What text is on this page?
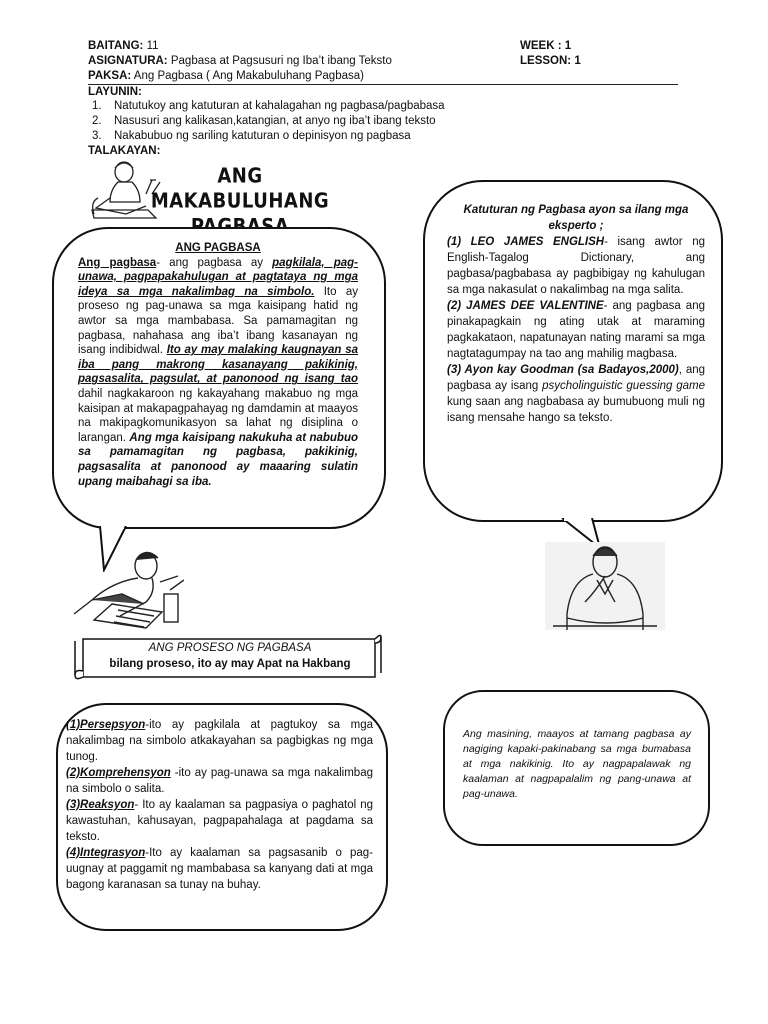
BAITANG: 11	WEEK : 1
ASIGNATURA: Pagbasa at Pagsusuri ng Iba’t ibang Teksto	LESSON: 1
PAKSA: Ang Pagbasa ( Ang Makabuluhang Pagbasa)
LAYUNIN:
1. Natutukoy ang katuturan at kahalagahan ng pagbasa/pagbabasa
2. Nasusuri ang kalikasan,katangian, at anyo ng iba’t ibang teksto
3. Nakabubuo ng sariling katuturan o depinisyon ng pagbasa
TALAKAYAN:
ANG MAKABULUHANG
ANG PAGBASA
Ang pagbasa- ang pagbasa ay pagkilala, pag-unawa, pagpapakahulugan at pagtataya ng mga ideya sa mga nakalimbag na simbolo. Ito ay proseso ng pag-unawa sa mga kaisipang hatid ng awtor sa mga mambabasa. Sa pamamagitan ng pagbasa, nahahasa ang iba’t ibang kasanayan ng isang indibidwal. Ito ay may malaking kaugnayan sa iba pang makrong kasanayang pakikinig, pagsasalita, pagsulat, at panonood ng isang tao dahil nagkakaroon ng kakayahang makabuo ng mga kaisipan at makapagpahayag ng damdamin at maayos na makipagkomunikasyon sa lahat ng disiplina o larangan. Ang mga kaisipang nakukuha at nabubuo sa pamamagitan ng pagbasa, pakikinig, pagsasalita at panonood ay maaaring sulatin upang maibahagi sa iba.
Katuturan ng Pagbasa ayon sa ilang mga eksperto ;
(1) LEO JAMES ENGLISH- isang awtor ng English-Tagalog Dictionary, ang pagbasa/pagbabasa ay pagbibigay ng kahulugan sa mga nakasulat o nakalimbag na mga salita.
(2) JAMES DEE VALENTINE- ang pagbasa ang pinakapagkain ng ating utak at maraming pagkakataon, napatunayan nating marami sa mga nagtatagumpay na tao ang mahilig magbasa.
(3) Ayon kay Goodman (sa Badayos,2000), ang pagbasa ay isang psycholinguistic guessing game kung saan ang nagbabasa ay bumubuong muli ng isang mensahe hango sa teksto.
ANG PROSESO NG PAGBASA
bilang proseso, ito ay may Apat na Hakbang
(1)Persepsyon-ito ay pagkilala at pagtukoy sa mga nakalimbag na simbolo atkakayahan sa pagbigkas ng mga tunog.
(2)Komprehensyon -ito ay pag-unawa sa mga nakalimbag na simbolo o salita.
(3)Reaksyon- Ito ay kaalaman sa pagpasiya o paghatol ng kawastuhan, kahusayan, pagpapahalaga at pagdama sa teksto.
(4)Integrasyon-Ito ay kaalaman sa pagsasanib o pag-uugnay at paggamit ng mambabasa sa kanyang dati at mga bagong karanasan sa tunay na buhay.
Ang masining, maayos at tamang pagbasa ay nagiging kapaki-pakinabang sa mga bumabasa at mga nakikinig. Ito ay nagpapalawak ng kaalaman at nagpapalalim ng pang-unawa at pag-unawa.
